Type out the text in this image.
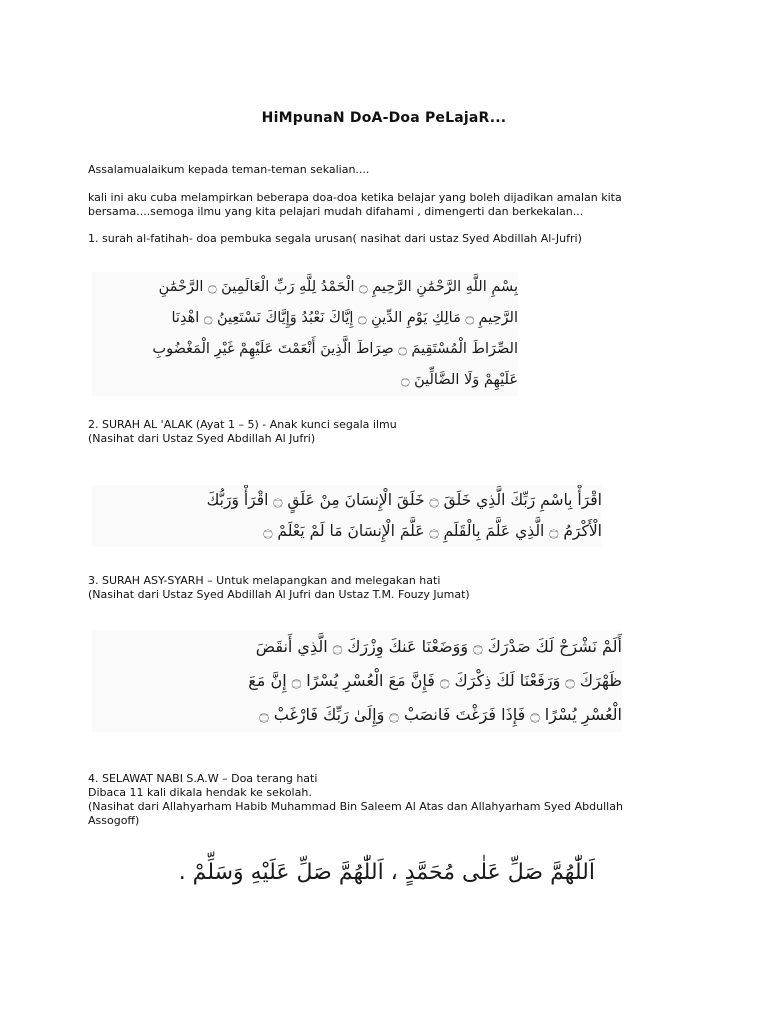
HiMpunaN DoA-Doa PeLajaR...

Assalamualaikum kepada teman-teman sekalian....

kali ini aku cuba melampirkan beberapa doa-doa ketika belajar yang boleh dijadikan amalan kita
bersama....semoga ilmu yang kita pelajari mudah difahami , dimengerti dan berkekalan...

1. surah al-fatihah- doa pembuka segala urusan( nasihat dari ustaz Syed Abdillah Al-Jufri)

بِسْمِ اللَّهِ الرَّحْمَٰنِ الرَّحِيمِ ۝ الْحَمْدُ لِلَّهِ رَبِّ الْعَالَمِينَ ۝ الرَّحْمَٰنِ
الرَّحِيمِ ۝ مَالِكِ يَوْمِ الدِّينِ ۝ إِيَّاكَ نَعْبُدُ وَإِيَّاكَ نَسْتَعِينُ ۝ اهْدِنَا
الصِّرَاطَ الْمُسْتَقِيمَ ۝ صِرَاطَ الَّذِينَ أَنْعَمْتَ عَلَيْهِمْ غَيْرِ الْمَغْضُوبِ
عَلَيْهِمْ وَلَا الضَّالِّينَ ۝

2. SURAH AL 'ALAK (Ayat 1 – 5) - Anak kunci segala ilmu
(Nasihat dari Ustaz Syed Abdillah Al Jufri)

اقْرَأْ بِاسْمِ رَبِّكَ الَّذِي خَلَقَ ۝ خَلَقَ الْإِنسَانَ مِنْ عَلَقٍ ۝ اقْرَأْ وَرَبُّكَ
الْأَكْرَمُ ۝ الَّذِي عَلَّمَ بِالْقَلَمِ ۝ عَلَّمَ الْإِنسَانَ مَا لَمْ يَعْلَمْ ۝

3. SURAH ASY-SYARH – Untuk melapangkan and melegakan hati
(Nasihat dari Ustaz Syed Abdillah Al Jufri dan Ustaz T.M. Fouzy Jumat)

أَلَمْ نَشْرَحْ لَكَ صَدْرَكَ ۝ وَوَضَعْنَا عَنكَ وِزْرَكَ ۝ الَّذِي أَنقَضَ
ظَهْرَكَ ۝ وَرَفَعْنَا لَكَ ذِكْرَكَ ۝ فَإِنَّ مَعَ الْعُسْرِ يُسْرًا ۝ إِنَّ مَعَ
الْعُسْرِ يُسْرًا ۝ فَإِذَا فَرَغْتَ فَانصَبْ ۝ وَإِلَىٰ رَبِّكَ فَارْغَبْ ۝

4. SELAWAT NABI S.A.W – Doa terang hati
Dibaca 11 kali dikala hendak ke sekolah.
(Nasihat dari Allahyarham Habib Muhammad Bin Saleem Al Atas dan Allahyarham Syed Abdullah
Assogoff)

اَللّٰهُمَّ صَلِّ عَلٰى مُحَمَّدٍ ، اَللّٰهُمَّ صَلِّ عَلَيْهِ وَسَلِّمْ .
